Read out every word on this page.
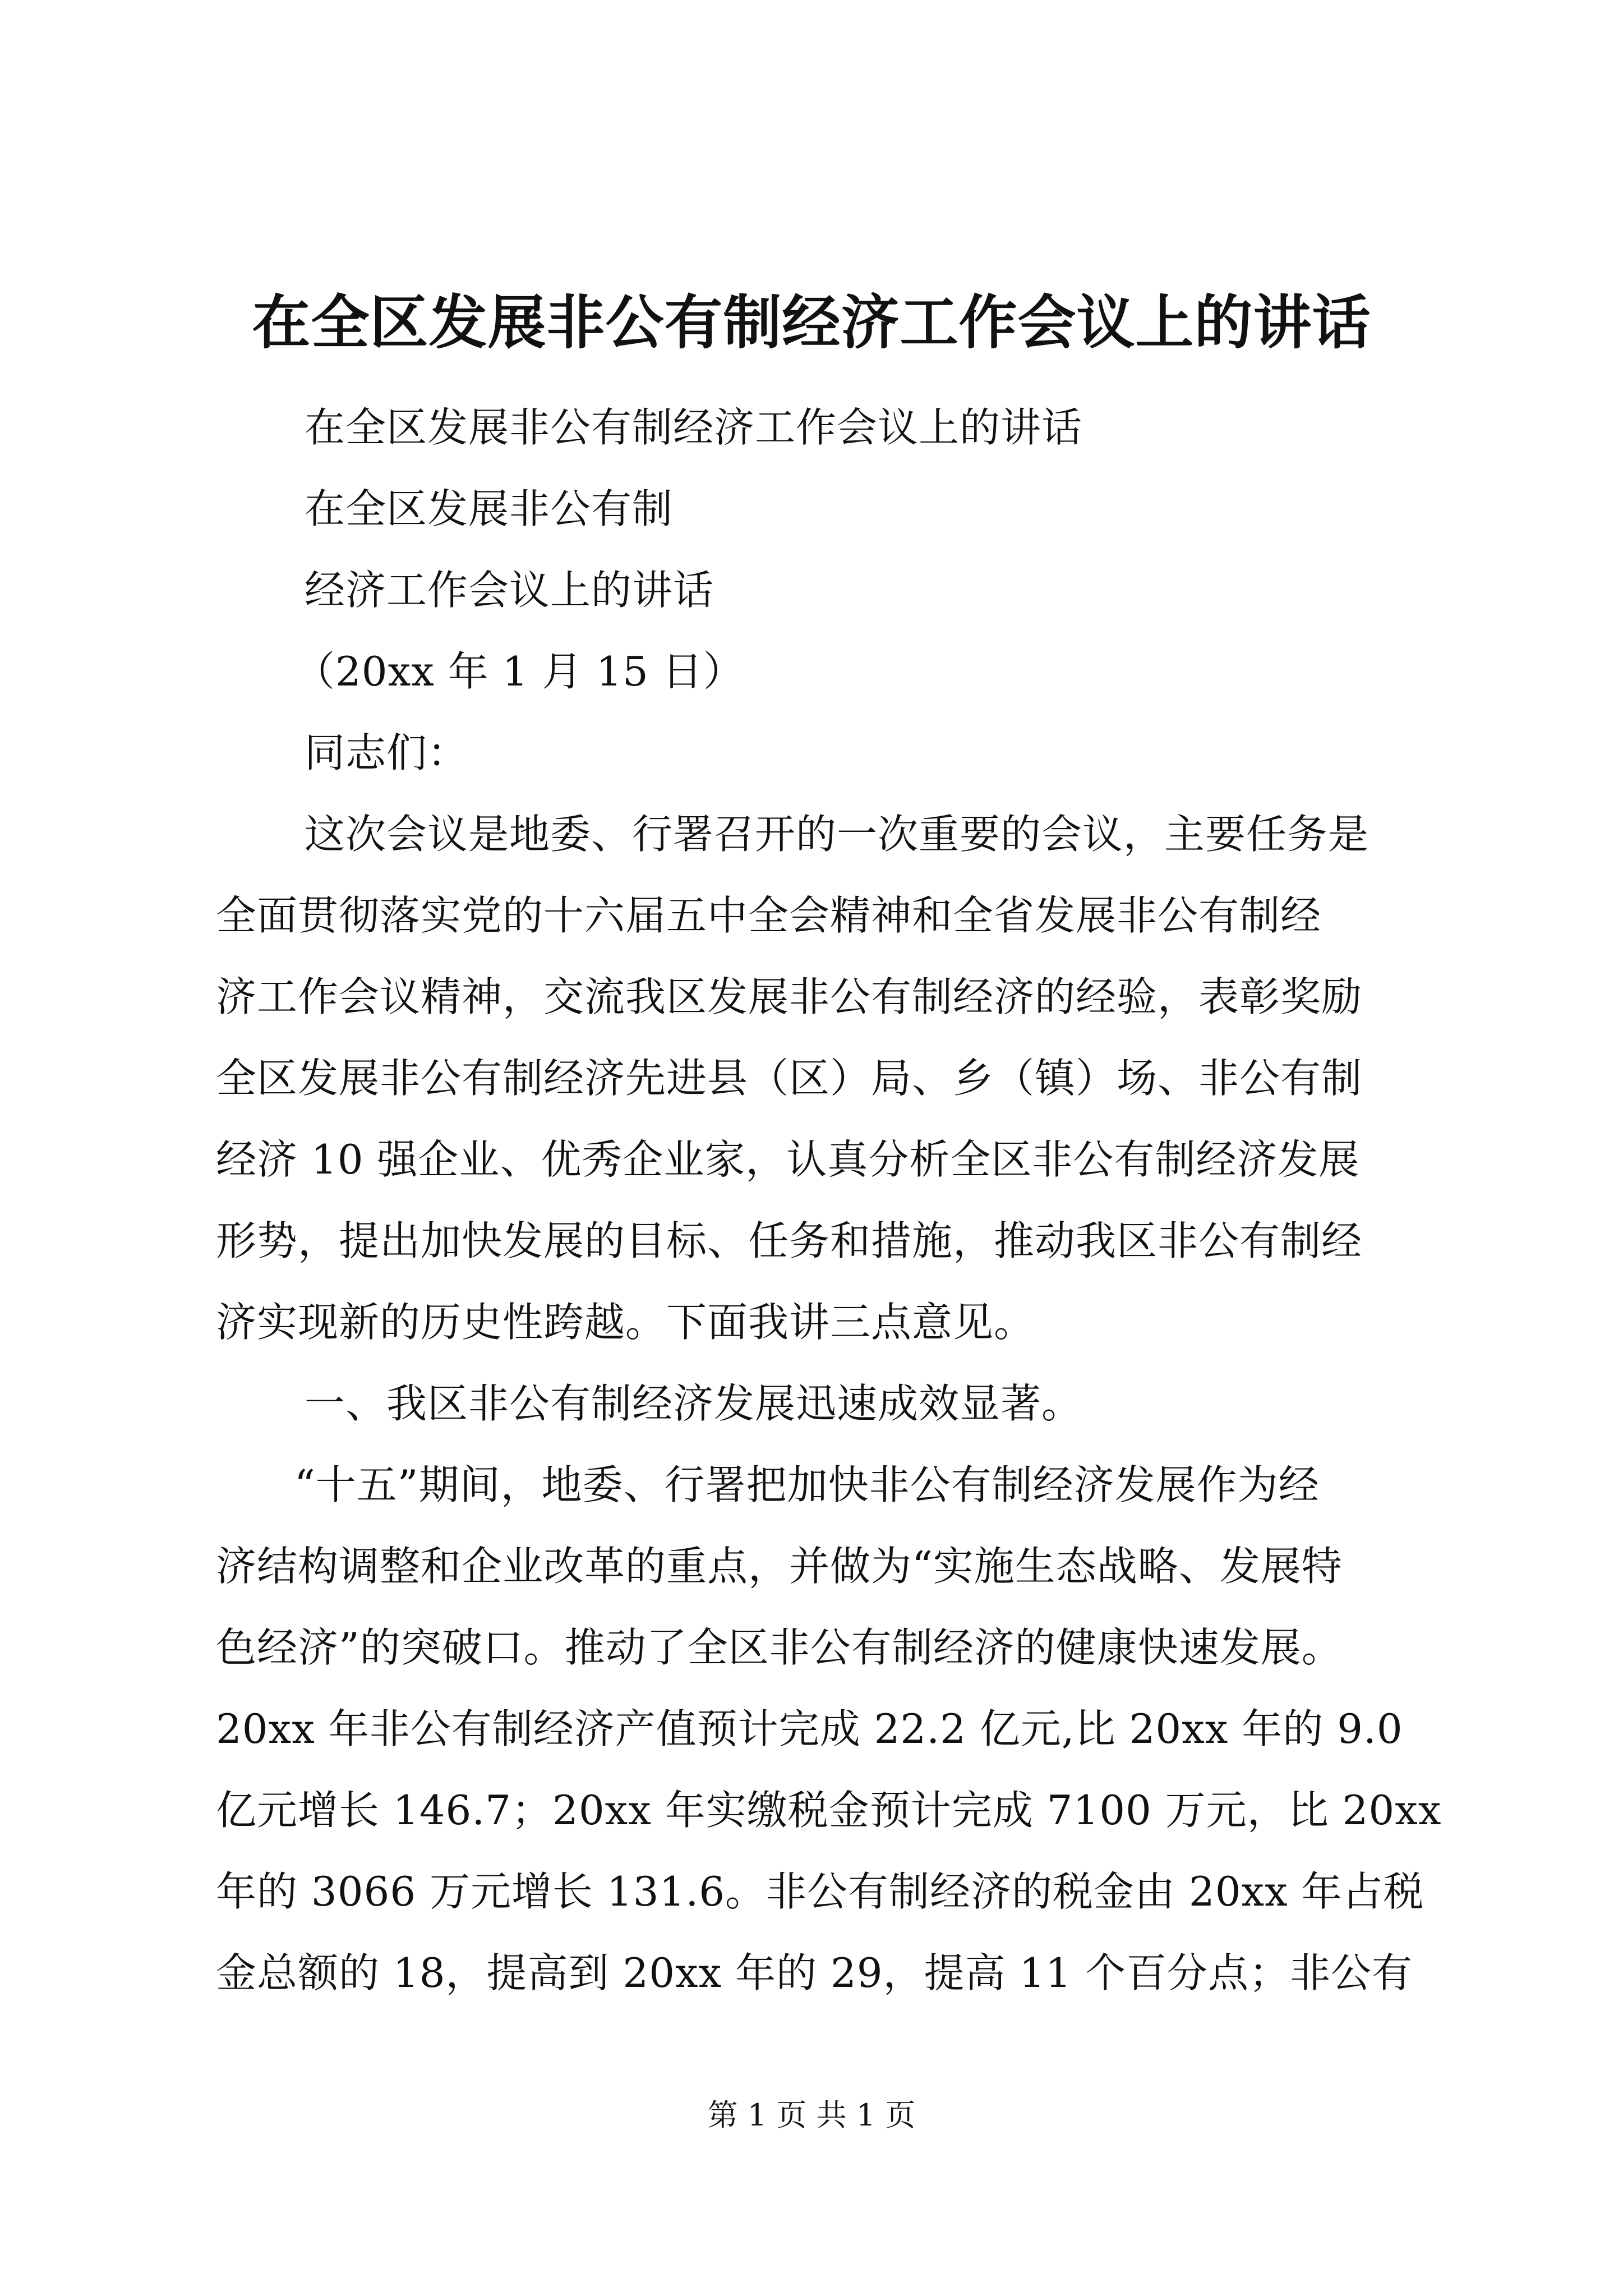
在全区发展非公有制经济工作会议上的讲话
在全区发展非公有制经济工作会议上的讲话
在全区发展非公有制
经济工作会议上的讲话
（20xx 年 1 月 15 日）
同志们：
这次会议是地委、行署召开的一次重要的会议，主要任务是
全面贯彻落实党的十六届五中全会精神和全省发展非公有制经
济工作会议精神，交流我区发展非公有制经济的经验，表彰奖励
全区发展非公有制经济先进县（区）局、乡（镇）场、非公有制
经济 10 强企业、优秀企业家，认真分析全区非公有制经济发展
形势，提出加快发展的目标、任务和措施，推动我区非公有制经
济实现新的历史性跨越。下面我讲三点意见。
一、我区非公有制经济发展迅速成效显著。
“十五”期间，地委、行署把加快非公有制经济发展作为经
济结构调整和企业改革的重点，并做为“实施生态战略、发展特
色经济”的突破口。推动了全区非公有制经济的健康快速发展。
20xx 年非公有制经济产值预计完成 22.2 亿元,比 20xx 年的 9.0
亿元增长 146.7；20xx 年实缴税金预计完成 7100 万元，比 20xx
年的 3066 万元增长 131.6。非公有制经济的税金由 20xx 年占税
金总额的 18，提高到 20xx 年的 29，提高 11 个百分点；非公有
第 1 页 共 1 页
